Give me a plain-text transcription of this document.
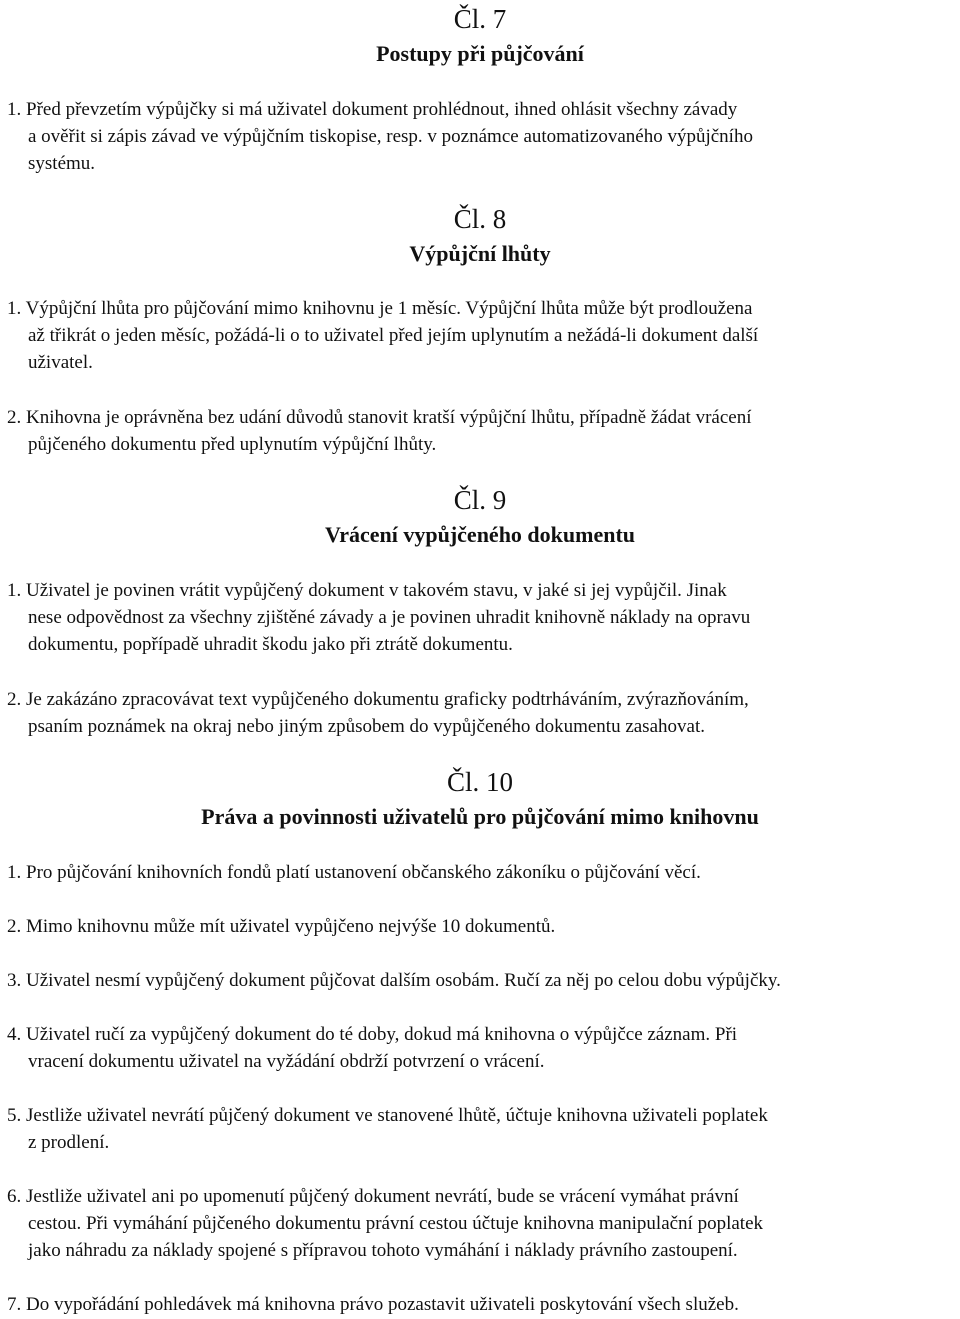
Čl. 7
Postupy při půjčování
1. Před převzetím výpůjčky si má uživatel dokument prohlédnout, ihned ohlásit všechny závady
a ověřit si zápis závad ve výpůjčním tiskopise, resp. v poznámce automatizovaného výpůjčního
systému.
Čl. 8
Výpůjční lhůty
1. Výpůjční lhůta pro půjčování mimo knihovnu je 1 měsíc. Výpůjční lhůta může být prodloužena
až třikrát o jeden měsíc, požádá-li o to uživatel před jejím uplynutím a nežádá-li dokument další
uživatel.
2. Knihovna je oprávněna bez udání důvodů stanovit kratší výpůjční lhůtu, případně žádat vrácení
půjčeného dokumentu před uplynutím výpůjční lhůty.
Čl. 9
Vrácení vypůjčeného dokumentu
1. Uživatel je povinen vrátit vypůjčený dokument v takovém stavu, v jaké si jej vypůjčil. Jinak
nese odpovědnost za všechny zjištěné závady a je povinen uhradit knihovně náklady na opravu
dokumentu, popřípadě uhradit škodu jako při ztrátě dokumentu.
2. Je zakázáno zpracovávat text vypůjčeného dokumentu graficky podtrháváním, zvýrazňováním,
psaním poznámek na okraj nebo jiným způsobem do vypůjčeného dokumentu zasahovat.
Čl. 10
Práva a povinnosti uživatelů pro půjčování mimo knihovnu
1. Pro půjčování knihovních fondů platí ustanovení občanského zákoníku o půjčování věcí.
2. Mimo knihovnu může mít uživatel vypůjčeno nejvýše 10 dokumentů.
3. Uživatel nesmí vypůjčený dokument půjčovat dalším osobám. Ručí za něj po celou dobu výpůjčky.
4. Uživatel ručí za vypůjčený dokument do té doby, dokud má knihovna o výpůjčce záznam. Při
vracení dokumentu uživatel na vyžádání obdrží potvrzení o vrácení.
5. Jestliže uživatel nevrátí půjčený dokument ve stanovené lhůtě, účtuje knihovna uživateli poplatek
z prodlení.
6. Jestliže uživatel ani po upomenutí půjčený dokument nevrátí, bude se vrácení vymáhat právní
cestou. Při vymáhání půjčeného dokumentu právní cestou účtuje knihovna manipulační poplatek
jako náhradu za náklady spojené s přípravou tohoto vymáhání i náklady právního zastoupení.
7. Do vypořádání pohledávek má knihovna právo pozastavit uživateli poskytování všech služeb.
